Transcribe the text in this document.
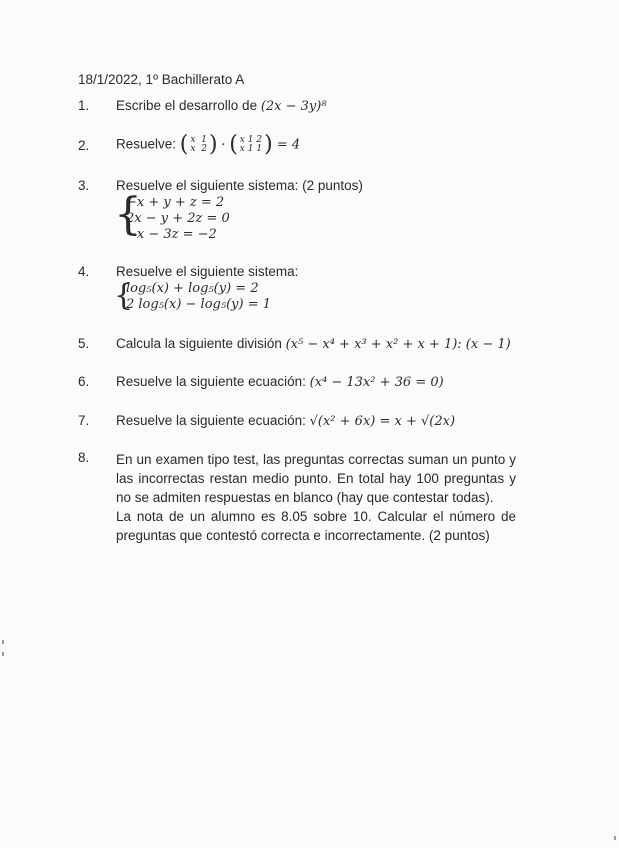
18/1/2022, 1º Bachillerato A
1.	Escribe el desarrollo de (2x − 3y)⁸
2.	Resuelve: ( x 1
x 2) · ( x 1 2
x 1 1) = 4
3.	Resuelve el siguiente sistema: (2 puntos)
{
−x + y + z = 2
2x − y + 2z = 0
−x − 3z = −2
4.	Resuelve el siguiente sistema:
{
log₅(x) + log₅(y) = 2
2 log₅(x) − log₅(y) = 1
5.	Calcula la siguiente división (x⁵ − x⁴ + x³ + x² + x + 1): (x − 1)
6.	Resuelve la siguiente ecuación: (x⁴ − 13x² + 36 = 0)
7.	Resuelve la siguiente ecuación: √(x² + 6x) = x + √(2x)
8.	En un examen tipo test, las preguntas correctas suman un punto y las incorrectas restan medio punto. En total hay 100 preguntas y no se admiten respuestas en blanco (hay que contestar todas).

La nota de un alumno es 8.05 sobre 10. Calcular el número de preguntas que contestó correcta e incorrectamente. (2 puntos)
